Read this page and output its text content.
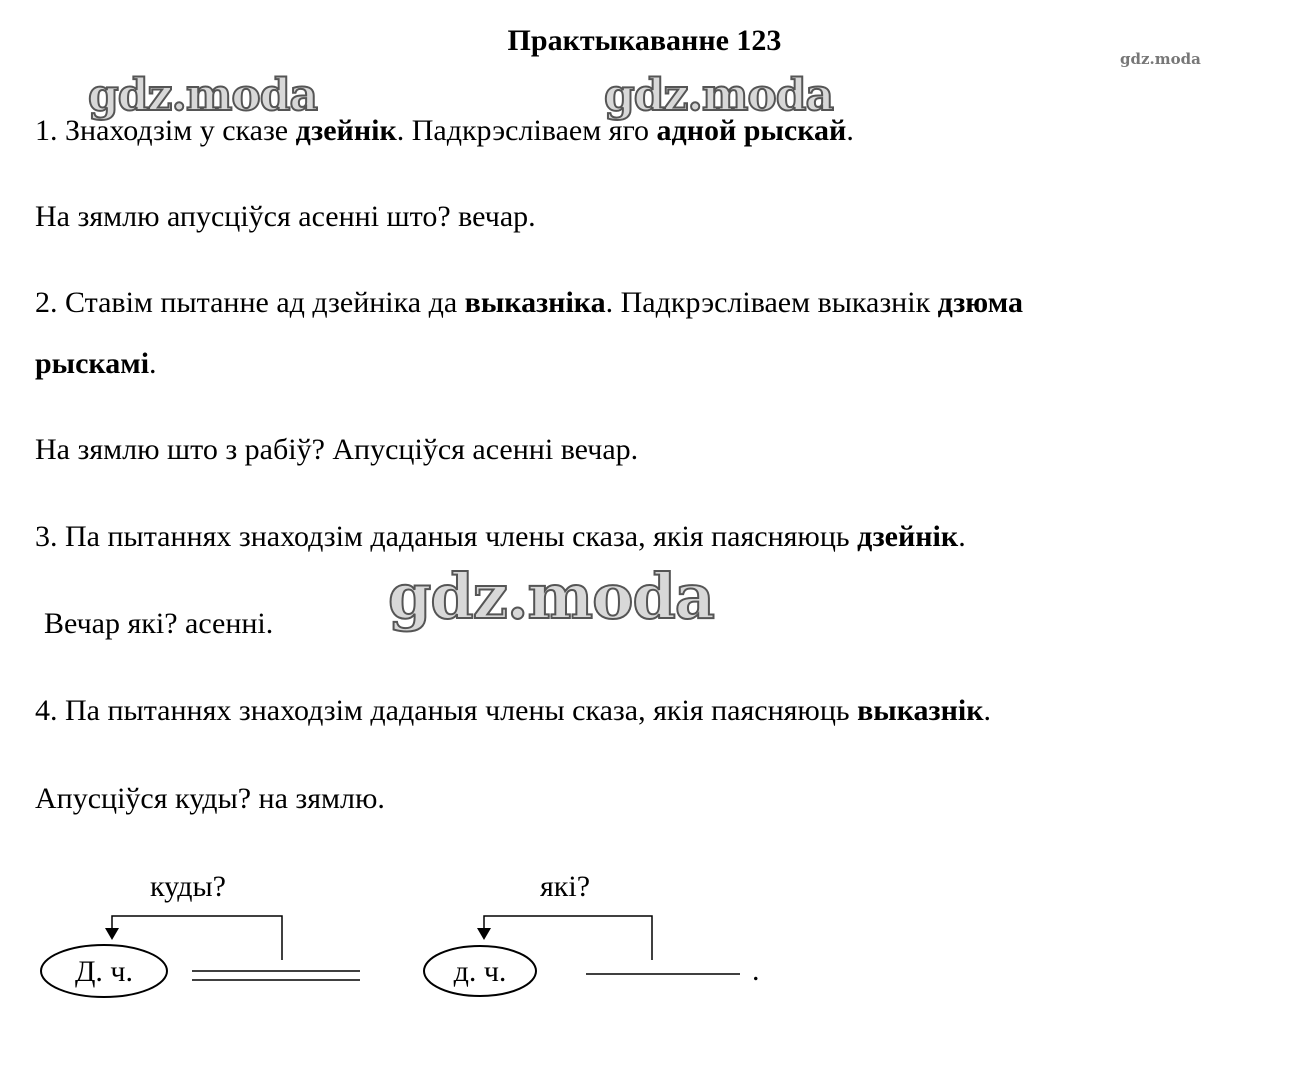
Практыкаванне 123
gdz.moda	gdz.moda
gdz.moda
gdz.moda
1. Знаходзім у сказе дзейнік. Падкрэсліваем яго адной рыскай.
На зямлю апусціўся асенні што? вечар.
2. Ставім пытанне ад дзейніка да выказніка. Падкрэсліваем выказнік дзюма
рыскамі.
На зямлю што з рабіў? Апусціўся асенні вечар.
3. Па пытаннях знаходзім даданыя члены сказа, якія паясняюць дзейнік.
Вечар які? асенні.
4. Па пытаннях знаходзім даданыя члены сказа, якія паясняюць выказнік.
Апусціўся куды? на зямлю.
куды?	які?
Д. ч.	д. ч.	.
